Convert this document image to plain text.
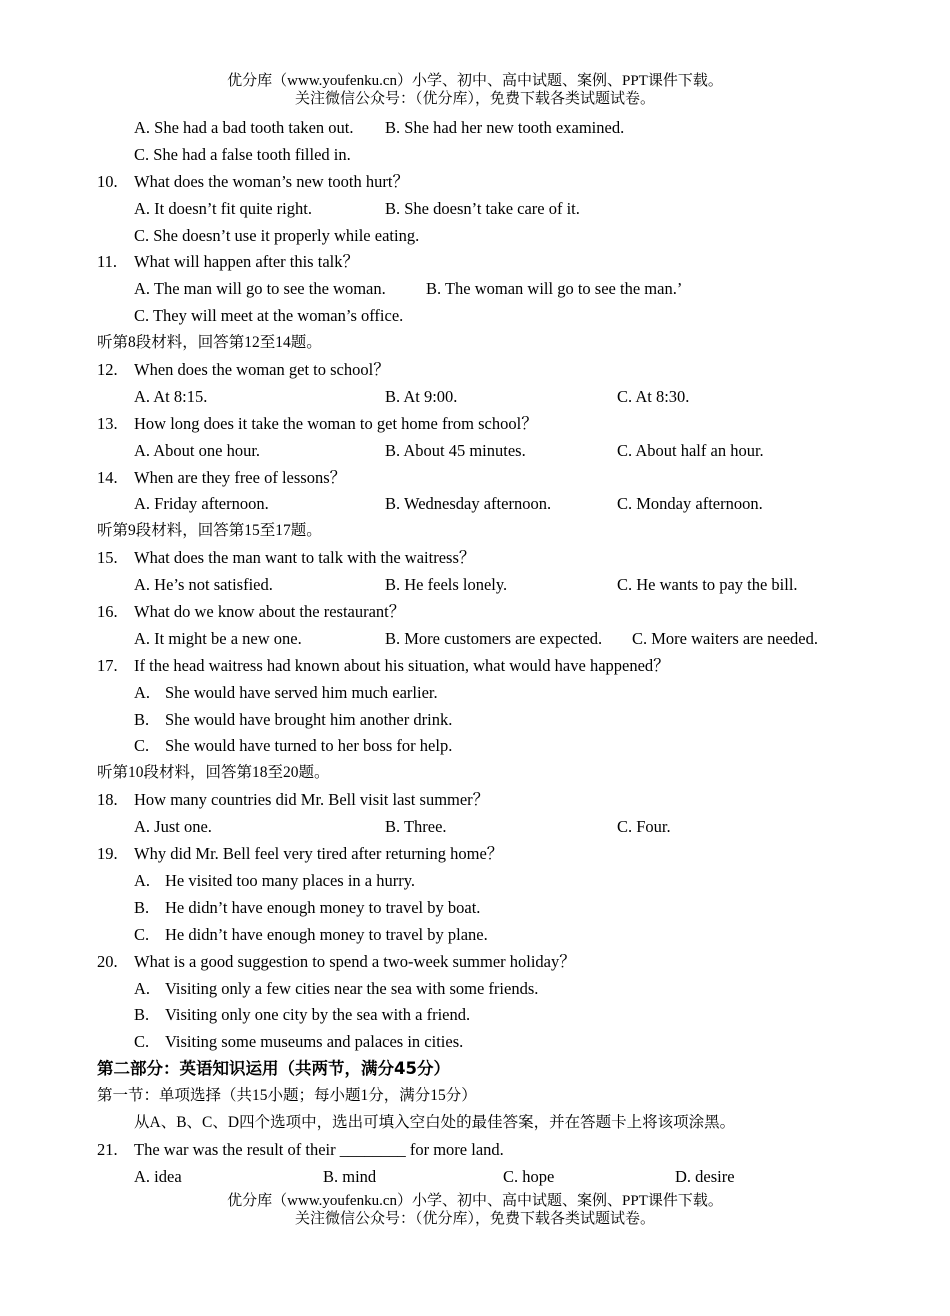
优分库（www.youfenku.cn）小学、初中、高中试题、案例、PPT课件下载。
关注微信公众号：（优分库），免费下载各类试题试卷。
A. She had a bad tooth taken out. B. She had her new tooth examined.
C. She had a false tooth filled in.
10. What does the woman’s new tooth hurt？
A. It doesn’t fit quite right.	B. She doesn’t take care of it.
C. She doesn’t use it properly while eating.
11. What will happen after this talk？
A. The man will go to see the woman. B. The woman will go to see the man.’
C. They will meet at the woman’s office.
听第8段材料，回答第12至14题。
12. When does the woman get to school？
A. At 8:15.	B. At 9:00.	C. At 8:30.
13. How long does it take the woman to get home from school？
A. About one hour.	B. About 45 minutes.	C. About half an hour.
14. When are they free of lessons？
A. Friday afternoon.	B. Wednesday afternoon.	C. Monday afternoon.
听第9段材料，回答第15至17题。
15. What does the man want to talk with the waitress？
A. He’s not satisfied.	B. He feels lonely.	C. He wants to pay the bill.
16. What do we know about the restaurant？
A. It might be a new one.	B. More customers are expected. C. More waiters are needed.
17. If the head waitress had known about his situation, what would have happened？
A. She would have served him much earlier.
B. She would have brought him another drink.
C. She would have turned to her boss for help.
听第10段材料，回答第18至20题。
18. How many countries did Mr. Bell visit last summer？
A. Just one.	B. Three.	C. Four.
19. Why did Mr. Bell feel very tired after returning home？
A. He visited too many places in a hurry.
B. He didn’t have enough money to travel by boat.
C. He didn’t have enough money to travel by plane.
20. What is a good suggestion to spend a two-week summer holiday？
A. Visiting only a few cities near the sea with some friends.
B. Visiting only one city by the sea with a friend.
C. Visiting some museums and palaces in cities.
第二部分：英语知识运用（共两节，满分45分）
第一节：单项选择（共15小题；每小题1分，满分15分）
从A、B、C、D四个选项中，选出可填入空白处的最佳答案，并在答题卡上将该项涂黑。
21. The war was the result of their ________ for more land.
A. idea	B. mind	C. hope	D. desire
优分库（www.youfenku.cn）小学、初中、高中试题、案例、PPT课件下载。
关注微信公众号：（优分库），免费下载各类试题试卷。
